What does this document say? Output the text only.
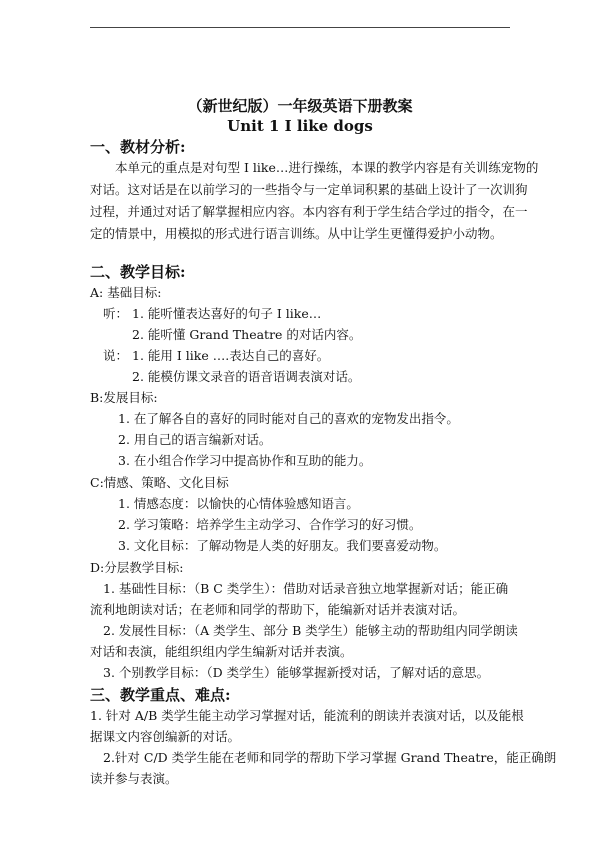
（新世纪版）一年级英语下册教案
Unit 1 I like dogs
一、教材分析:
本单元的重点是对句型 I like…进行操练，本课的教学内容是有关训练宠物的
对话。这对话是在以前学习的一些指令与一定单词积累的基础上设计了一次训狗
过程，并通过对话了解掌握相应内容。本内容有利于学生结合学过的指令，在一
定的情景中，用模拟的形式进行语言训练。从中让学生更懂得爱护小动物。
二、教学目标:
A: 基础目标:
听： 1. 能听懂表达喜好的句子 I like…
2. 能听懂 Grand Theatre 的对话内容。
说： 1. 能用 I like ….表达自己的喜好。
2. 能模仿课文录音的语音语调表演对话。
B:发展目标:
1. 在了解各自的喜好的同时能对自己的喜欢的宠物发出指令。
2. 用自己的语言编新对话。
3. 在小组合作学习中提高协作和互助的能力。
C:情感、策略、文化目标
1. 情感态度：以愉快的心情体验感知语言。
2. 学习策略：培养学生主动学习、合作学习的好习惯。
3. 文化目标：了解动物是人类的好朋友。我们要喜爱动物。
D:分层教学目标:
1. 基础性目标：（B C 类学生）：借助对话录音独立地掌握新对话；能正确
流利地朗读对话；在老师和同学的帮助下，能编新对话并表演对话。
2. 发展性目标：（A 类学生、部分 B 类学生）能够主动的帮助组内同学朗读
对话和表演，能组织组内学生编新对话并表演。
3. 个别教学目标：（D 类学生）能够掌握新授对话，了解对话的意思。
三、教学重点、难点:
1. 针对 A/B 类学生能主动学习掌握对话，能流利的朗读并表演对话，以及能根
据课文内容创编新的对话。
2.针对 C/D 类学生能在老师和同学的帮助下学习掌握 Grand Theatre，能正确朗
读并参与表演。
